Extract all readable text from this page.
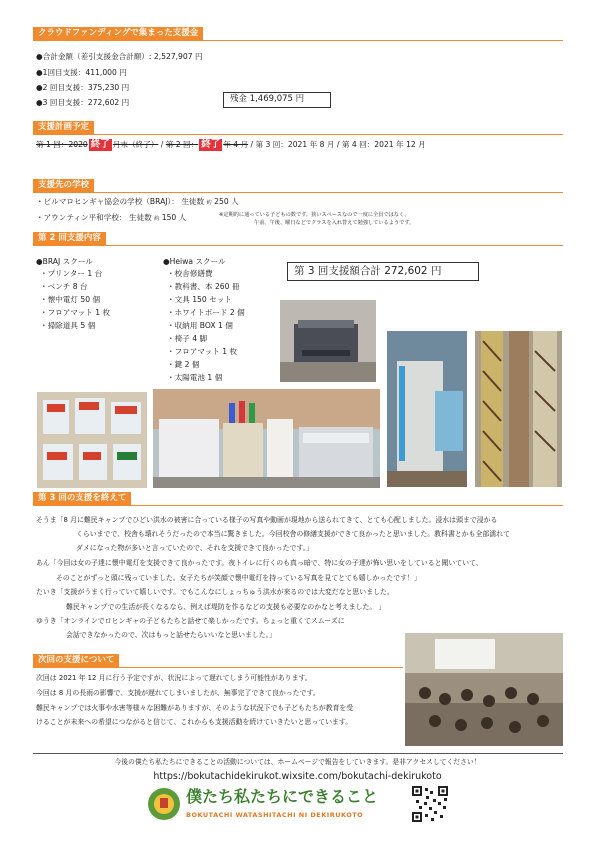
クラウドファンディングで集まった支援金
●合計金額（差引支援金合計額）: 2,527,907 円
●1回目支援：411,000 円
●2 回目支援：375,230 円
●3 回目支援：272,602 円	残金 1,469,075 円
支援計画予定
第 1 回：2020 終了 月末（終了） / 第 2 回： 終了 年 4 月 / 第 3 回：2021 年 8 月 / 第 4 回：2021 年 12 月
支援先の学校
・ビルマロヒンギャ協会の学校（BRAJ）： 生徒数 約 250 人
・アウンティン平和学校： 生徒数 約 150 人	※定期的に通っている子どもの数です。狭いスペースなので一度に全員ではなく、
午前、午後、曜日などでクラスを入れ替えて勉強しているようです。
第 2 回支援内容
●BRAJ スクール
・プリンター 1 台
・ベンチ 8 台
・懐中電灯 50 個
・フロアマット 1 枚
・掃除道具 5 個
●Heiwa スクール
・校舎修繕費
・教科書、本 260 冊
・文具 150 セット
・ホワイトボード 2 個
・収納用 BOX 1 個
・椅子 4 脚
・フロアマット 1 枚
・鍵 2 個
・太陽電池 1 個
第 3 回支援額合計 272,602 円
第 3 回の支援を終えて
そうま「8 月に難民キャンプでひどい洪水の被害に合っている様子の写真や動画が現地から送られてきて、とても心配しました。浸水は頭まで浸かる
くらいまでで、校舎も壊れそうだったので本当に驚きました。今回校舎の修繕支援ができて良かったと思いました。教科書とかも全部濡れて
ダメになった物が多いと言っていたので、それを支援できて良かったです。」
あん「今回は女の子達に懐中電灯を支援できて良かったです。夜トイレに行くのも真っ暗で、特に女の子達が怖い思いをしていると聞いていて、
そのことがずっと頭に残っていました。女子たちが笑顔で懐中電灯を持っている写真を見てとても嬉しかったです！」
たいき「支援がうまく行っていて嬉しいです。でもこんなにしょっちゅう洪水が来るのでは大変だなと思いました。
難民キャンプでの生活が長くなるなら、例えば堤防を作るなどの支援も必要なのかなと考えました。 」
ゆうき「オンラインでロヒンギャの子どもたちと話せて楽しかったです。ちょっと重くてスムーズに
会話できなかったので、次はもっと話せたらいいなと思いました。」
次回の支援について
次回は 2021 年 12 月に行う予定ですが、状況によって遅れてしまう可能性があります。
今回は 8 月の長雨の影響で、支援が遅れてしまいましたが、無事完了できて良かったです。
難民キャンプでは火事や水害等様々な困難がありますが、そのような状況下でも子どもたちが教育を受
けることが未来への希望につながると信じて、これからも支援活動を続けていきたいと思っています。
今後の僕たち私たちにできることの活動については、ホームページで報告をしていきます。是非アクセスしてください！
https://bokutachidekirukot.wixsite.com/bokutachi-dekirukoto
僕たち私たちにできること
BOKUTACHI WATASHITACHI NI DEKIRUKOTO
